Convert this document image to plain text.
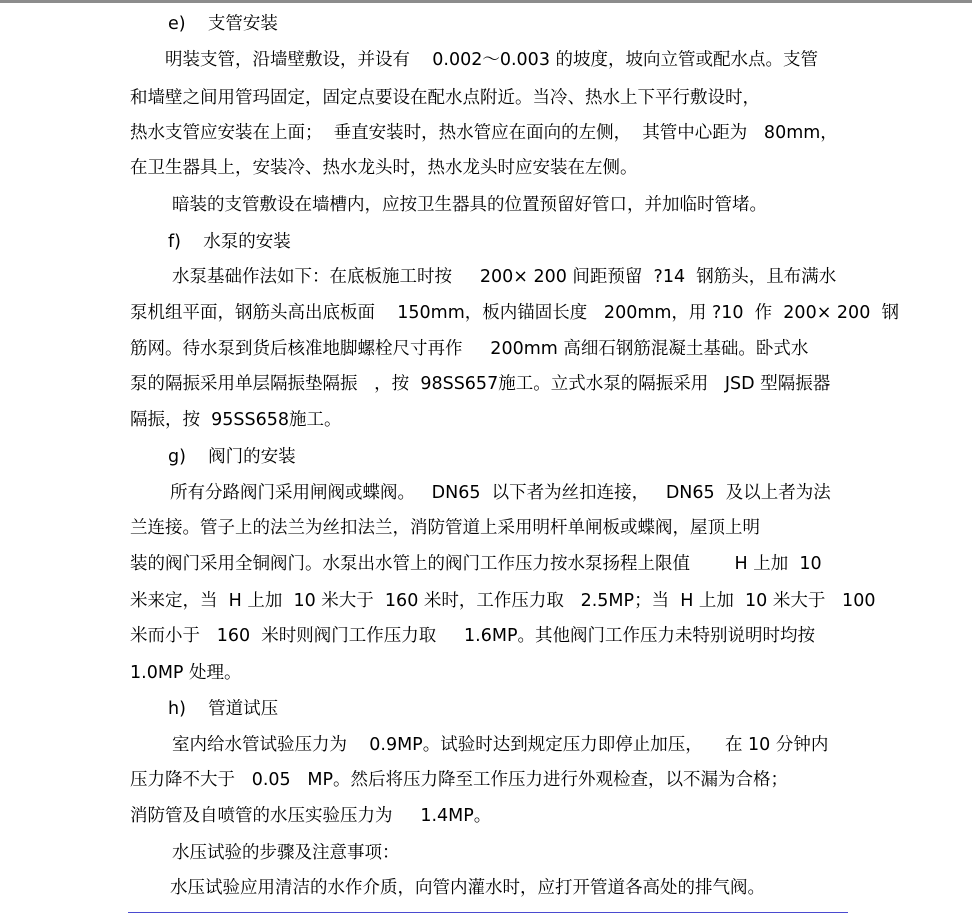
e)    支管安装
明装支管，沿墙壁敷设，并设有    0.002～0.003 的坡度，坡向立管或配水点。支管
和墙壁之间用管玛固定，固定点要设在配水点附近。当冷、热水上下平行敷设时，
热水支管应安装在上面；  垂直安装时，热水管应在面向的左侧，  其管中心距为   80mm，
在卫生器具上，安装冷、热水龙头时，热水龙头时应安装在左侧。
暗装的支管敷设在墙槽内，应按卫生器具的位置预留好管口，并加临时管堵。
f)    水泵的安装
水泵基础作法如下：在底板施工时按     200× 200 间距预留  ?14  钢筋头，且布满水
泵机组平面，钢筋头高出底板面    150mm，板内锚固长度   200mm，用 ?10  作  200× 200  钢
筋网。待水泵到货后核准地脚螺栓尺寸再作     200mm 高细石钢筋混凝土基础。卧式水
泵的隔振采用单层隔振垫隔振   ，按  98SS657施工。立式水泵的隔振采用   JSD 型隔振器
隔振，按  95SS658施工。
g)    阀门的安装
所有分路阀门采用闸阀或蝶阀。   DN65  以下者为丝扣连接，   DN65  及以上者为法
兰连接。管子上的法兰为丝扣法兰，消防管道上采用明杆单闸板或蝶阀，屋顶上明
装的阀门采用全铜阀门。水泵出水管上的阀门工作压力按水泵扬程上限值        H 上加  10
米来定，当  H 上加  10 米大于  160 米时，工作压力取   2.5MP；当  H 上加  10 米大于   100
米而小于   160  米时则阀门工作压力取     1.6MP。其他阀门工作压力未特别说明时均按
1.0MP 处理。
h)    管道试压
室内给水管试验压力为    0.9MP。试验时达到规定压力即停止加压，    在 10 分钟内
压力降不大于   0.05   MP。然后将压力降至工作压力进行外观检查，以不漏为合格；
消防管及自喷管的水压实验压力为     1.4MP。
水压试验的步骤及注意事项：
水压试验应用清洁的水作介质，向管内灌水时，应打开管道各高处的排气阀。
